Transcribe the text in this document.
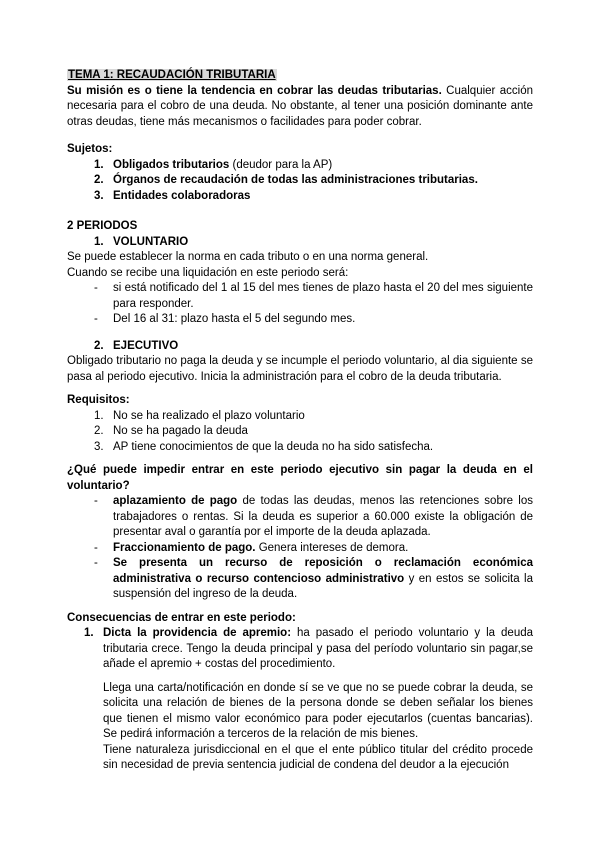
TEMA 1: RECAUDACIÓN TRIBUTARIA

Su misión es o tiene la tendencia en cobrar las deudas tributarias. Cualquier acción necesaria para el cobro de una deuda. No obstante, al tener una posición dominante ante otras deudas, tiene más mecanismos o facilidades para poder cobrar.

Sujetos:
1. Obligados tributarios (deudor para la AP)
2. Órganos de recaudación de todas las administraciones tributarias.
3. Entidades colaboradoras
2 PERIODOS
1. VOLUNTARIO

Se puede establecer la norma en cada tributo o en una norma general.

Cuando se recibe una liquidación en este periodo será:

- si está notificado del 1 al 15 del mes tienes de plazo hasta el 20 del mes siguiente para responder.
- Del 16 al 31: plazo hasta el 5 del segundo mes.
2. EJECUTIVO

Obligado tributario no paga la deuda y se incumple el periodo voluntario, al dia siguiente se pasa al periodo ejecutivo. Inicia la administración para el cobro de la deuda tributaria.

Requisitos:
1. No se ha realizado el plazo voluntario
2. No se ha pagado la deuda
3. AP tiene conocimientos de que la deuda no ha sido satisfecha.
¿Qué puede impedir entrar en este periodo ejecutivo sin pagar la deuda en el voluntario?
- aplazamiento de pago de todas las deudas, menos las retenciones sobre los trabajadores o rentas. Si la deuda es superior a 60.000 existe la obligación de presentar aval o garantía por el importe de la deuda aplazada.
- Fraccionamiento de pago. Genera intereses de demora.
- Se presenta un recurso de reposición o reclamación económica administrativa o recurso contencioso administrativo y en estos se solicita la suspensión del ingreso de la deuda.
Consecuencias de entrar en este periodo:
1. Dicta la providencia de apremio: ha pasado el periodo voluntario y la deuda tributaria crece. Tengo la deuda principal y pasa del período voluntario sin pagar,se añade el apremio + costas del procedimiento.

Llega una carta/notificación en donde sí se ve que no se puede cobrar la deuda, se solicita una relación de bienes de la persona donde se deben señalar los bienes que tienen el mismo valor económico para poder ejecutarlos (cuentas bancarias). Se pedirá información a terceros de la relación de mis bienes.

Tiene naturaleza jurisdiccional en el que el ente público titular del crédito procede sin necesidad de previa sentencia judicial de condena del deudor a la ejecución
